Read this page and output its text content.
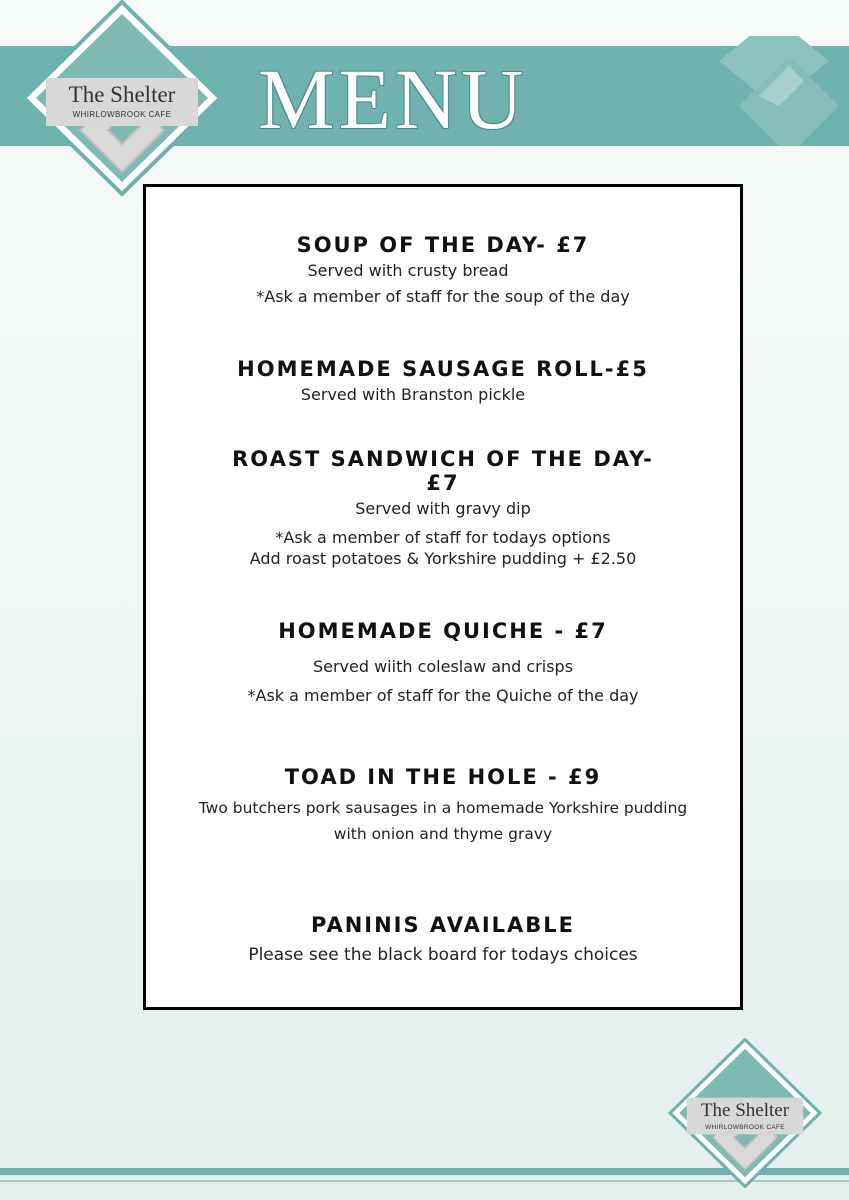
The Shelter
WHIRLOWBROOK CAFE	MENU
SOUP OF THE DAY- £7
Served with crusty bread
*Ask a member of staff for the soup of the day
HOMEMADE SAUSAGE ROLL-£5
Served with Branston pickle
ROAST SANDWICH OF THE DAY-
£7
Served with gravy dip
*Ask a member of staff for todays options
Add roast potatoes & Yorkshire pudding + £2.50
HOMEMADE QUICHE - £7
Served wiith coleslaw and crisps
*Ask a member of staff for the Quiche of the day
TOAD IN THE HOLE - £9
Two butchers pork sausages in a homemade Yorkshire pudding
with onion and thyme gravy
PANINIS AVAILABLE
Please see the black board for todays choices
The Shelter
WHIRLOWBROOK CAFE
